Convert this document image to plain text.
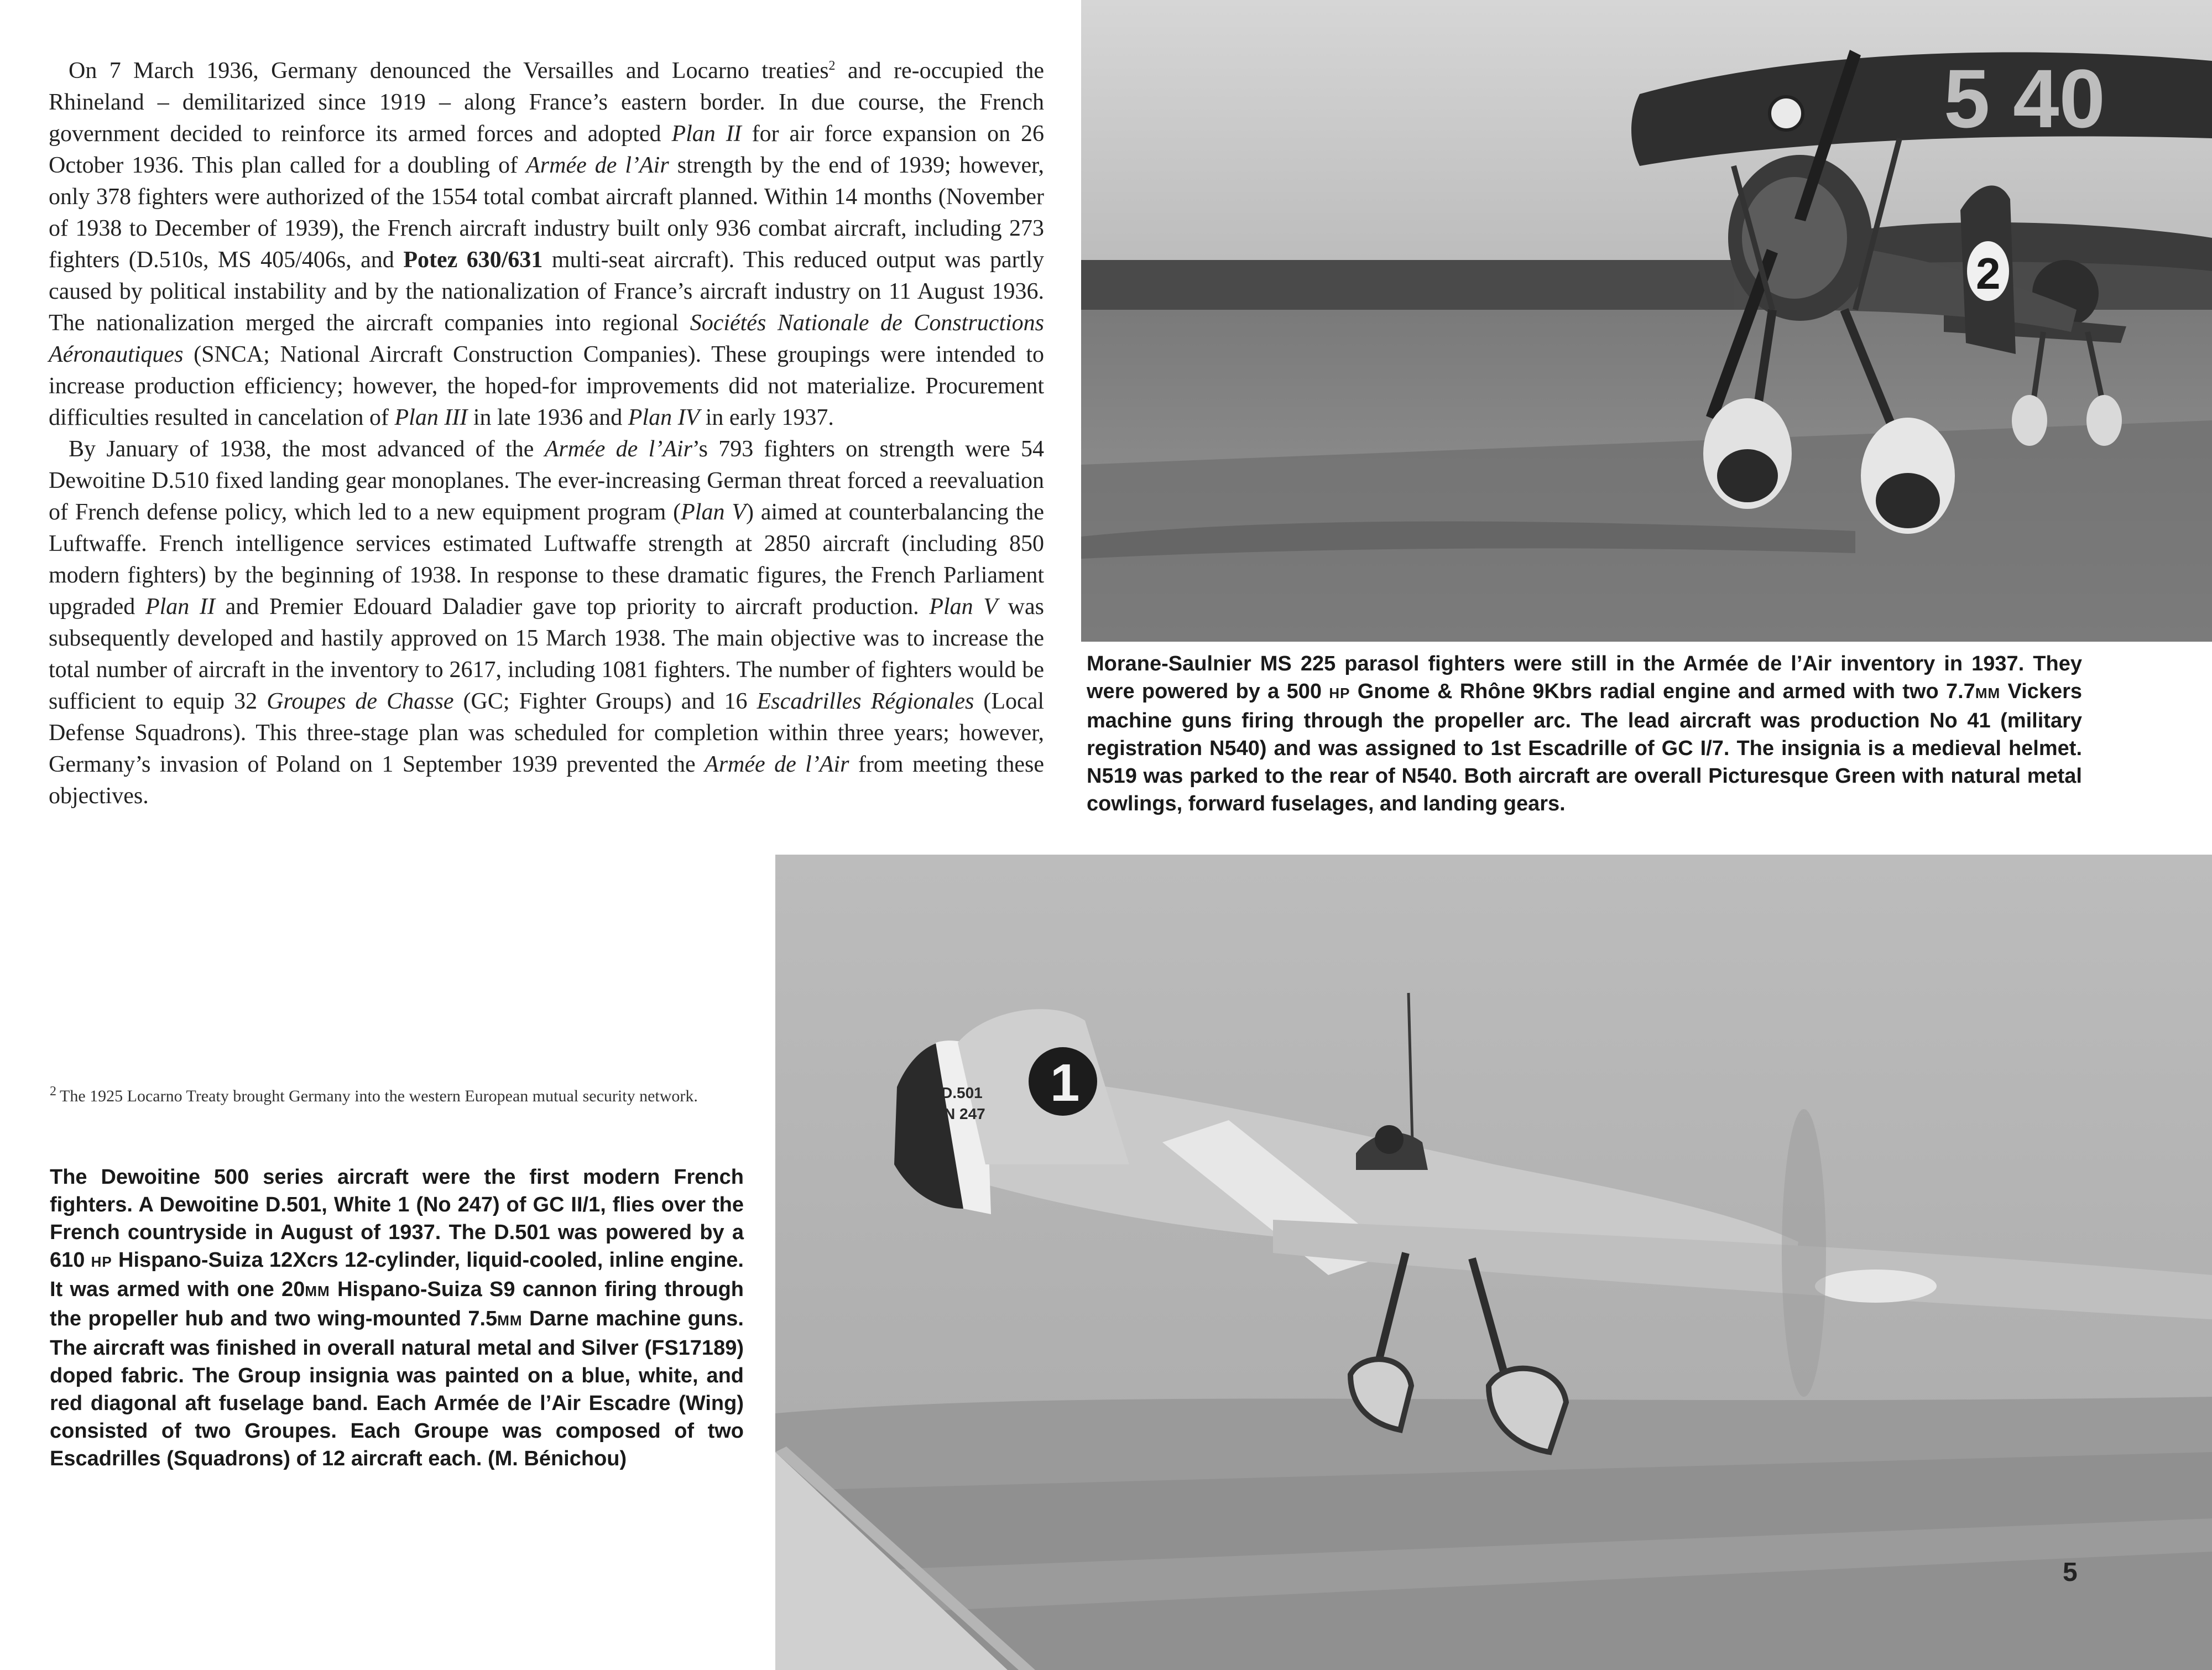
On 7 March 1936, Germany denounced the Versailles and Locarno treaties$^2$ and re-occupied the Rhineland – demilitarized since 1919 – along France’s eastern border. In due course, the French government decided to reinforce its armed forces and adopted Plan II for air force expansion on 26 October 1936. This plan called for a doubling of Armée de l’Air strength by the end of 1939; however, only 378 fighters were authorized of the 1554 total combat aircraft planned. Within 14 months (November of 1938 to December of 1939), the French aircraft industry built only 936 combat aircraft, including 273 fighters (D.510s, MS 405/406s, and Potez 630/631 multi-seat aircraft). This reduced output was partly caused by political instability and by the nationalization of France’s aircraft industry on 11 August 1936. The nationalization merged the aircraft companies into regional Sociétés Nationale de Constructions Aéronautiques (SNCA; National Aircraft Construction Companies). These groupings were intended to increase production efficiency; however, the hoped-for improvements did not materialize. Procurement difficulties resulted in cancelation of Plan III in late 1936 and Plan IV in early 1937.

By January of 1938, the most advanced of the Armée de l’Air’s 793 fighters on strength were 54 Dewoitine D.510 fixed landing gear monoplanes. The ever-increasing German threat forced a reevaluation of French defense policy, which led to a new equipment program (Plan V) aimed at counterbalancing the Luftwaffe. French intelligence services estimated Luftwaffe strength at 2850 aircraft (including 850 modern fighters) by the beginning of 1938. In response to these dramatic figures, the French Parliament upgraded Plan II and Premier Edouard Daladier gave top priority to aircraft production. Plan V was subsequently developed and hastily approved on 15 March 1938. The main objective was to increase the total number of aircraft in the inventory to 2617, including 1081 fighters. The number of fighters would be sufficient to equip 32 Groupes de Chasse (GC; Fighter Groups) and 16 Escadrilles Régionales (Local Defense Squadrons). This three-stage plan was scheduled for completion within three years; however, Germany’s invasion of Poland on 1 September 1939 prevented the Armée de l’Air from meeting these objectives.

5 40
2
Morane-Saulnier MS 225 parasol fighters were still in the Armée de l’Air inventory in 1937. They were powered by a 500 HP Gnome & Rhône 9Kbrs radial engine and armed with two 7.7MM Vickers machine guns firing through the propeller arc. The lead aircraft was production No 41 (military registration N540) and was assigned to 1st Escadrille of GC I/7. The insignia is a medieval helmet. N519 was parked to the rear of N540. Both aircraft are overall Picturesque Green with natural metal cowlings, forward fuselages, and landing gears.
$^2$ The 1925 Locarno Treaty brought Germany into the western European mutual security network.
The Dewoitine 500 series aircraft were the first modern French fighters. A Dewoitine D.501, White 1 (No 247) of GC II/1, flies over the French countryside in August of 1937. The D.501 was powered by a 610 HP Hispano-Suiza 12Xcrs 12-cylinder, liquid-cooled, inline engine. It was armed with one 20MM Hispano-Suiza S9 cannon firing through the propeller hub and two wing-mounted 7.5MM Darne machine guns. The aircraft was finished in overall natural metal and Silver (FS17189) doped fabric. The Group insignia was painted on a blue, white, and red diagonal aft fuselage band. Each Armée de l’Air Escadre (Wing) consisted of two Groupes. Each Groupe was composed of two Escadrilles (Squadrons) of 12 aircraft each. (M. Bénichou)
1
D.501
N 247
5
